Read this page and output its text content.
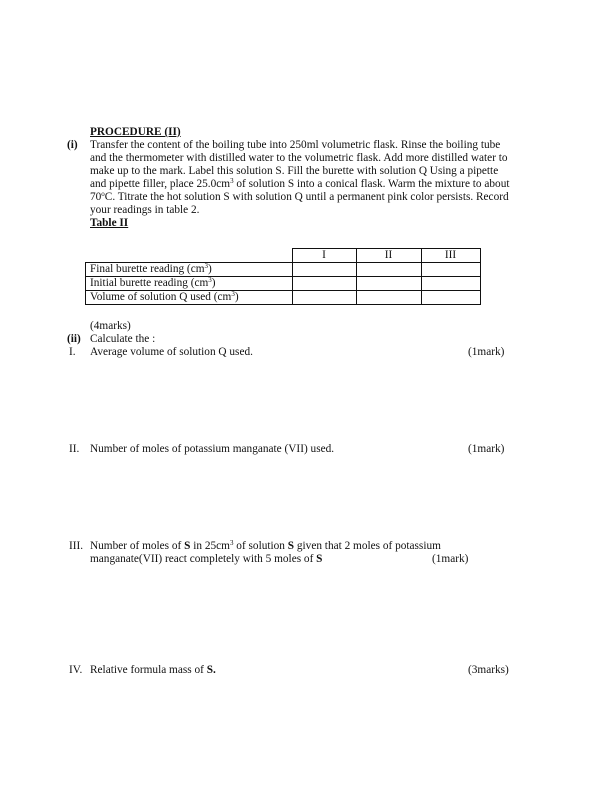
PROCEDURE (II)
(i) Transfer the content of the boiling tube into 250ml volumetric flask. Rinse the boiling tube
and the thermometer with distilled water to the volumetric flask. Add more distilled water to
make up to the mark. Label this solution S. Fill the burette with solution Q Using a pipette
and pipette filler, place $25.0cm^3$ of solution S into a conical flask. Warm the mixture to about
70$^o$C. Titrate the hot solution S with solution Q until a permanent pink color persists. Record
your readings in table 2.
Table II
	I	II	III
Final burette reading $(cm^3)$			
Initial burette reading $(cm^3)$			
Volume of solution Q used $(cm^3)$			
(4marks)
(ii) Calculate the :
I. Average volume of solution Q used.	(1mark)
II. Number of moles of potassium manganate (VII) used.	(1mark)
III. Number of moles of S in $25cm^3$ of solution S given that 2 moles of potassium
manganate(VII) react completely with 5 moles of S	(1mark)
IV. Relative formula mass of S.	(3marks)
